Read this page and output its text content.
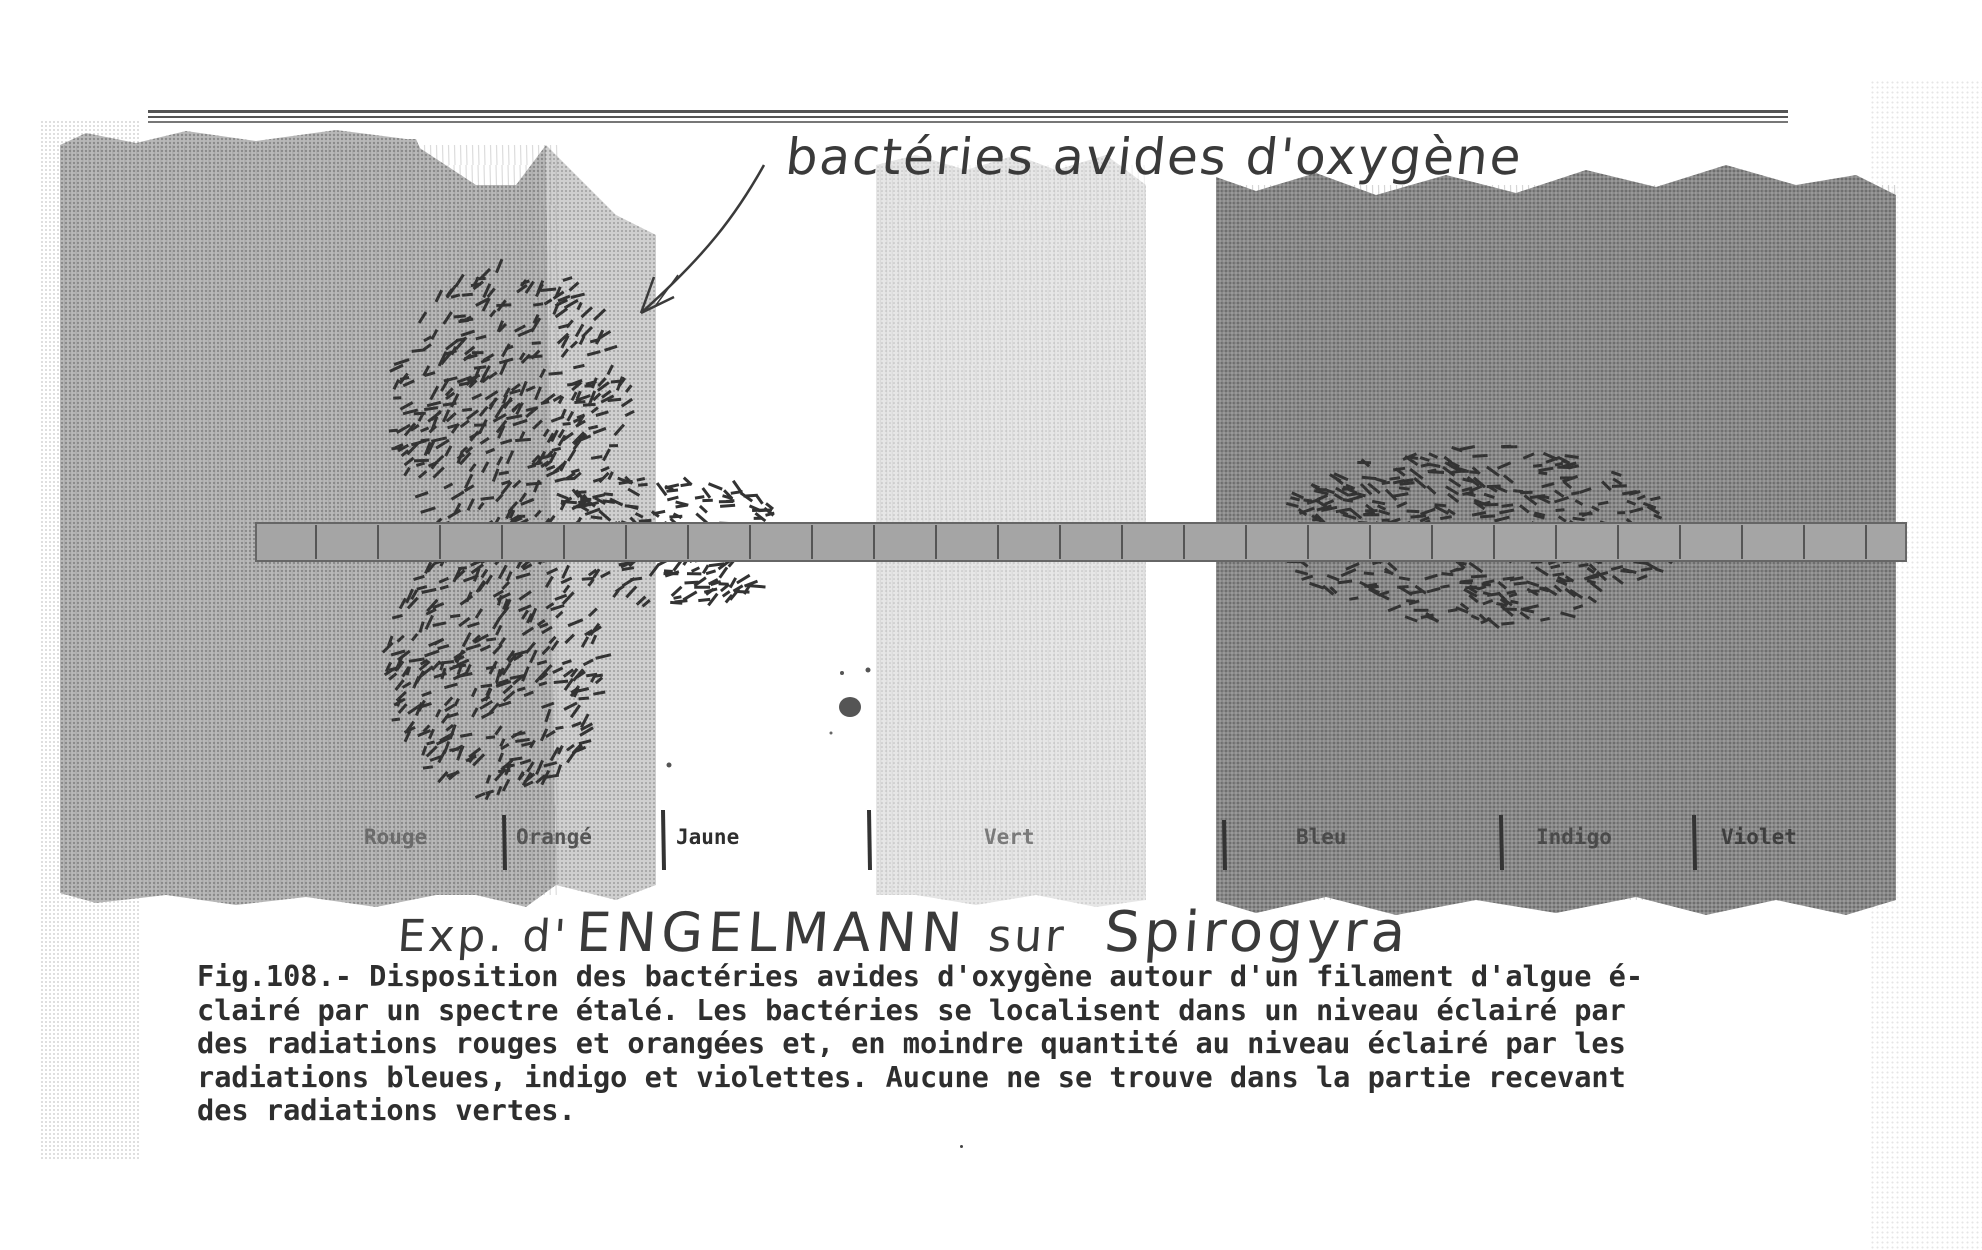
Rouge	Orangé	Jaune	Vert	Bleu	Indigo	Violet
bactéries avides d'oxygène
Exp. d'ENGELMANN sur Spirogyra
Fig.108.- Disposition des bactéries avides d'oxygène autour d'un filament d'algue é-
clairé par un spectre étalé. Les bactéries se localisent dans un niveau éclairé par
des radiations rouges et orangées et, en moindre quantité au niveau éclairé par les
radiations bleues, indigo et violettes. Aucune ne se trouve dans la partie recevant
des radiations vertes.
